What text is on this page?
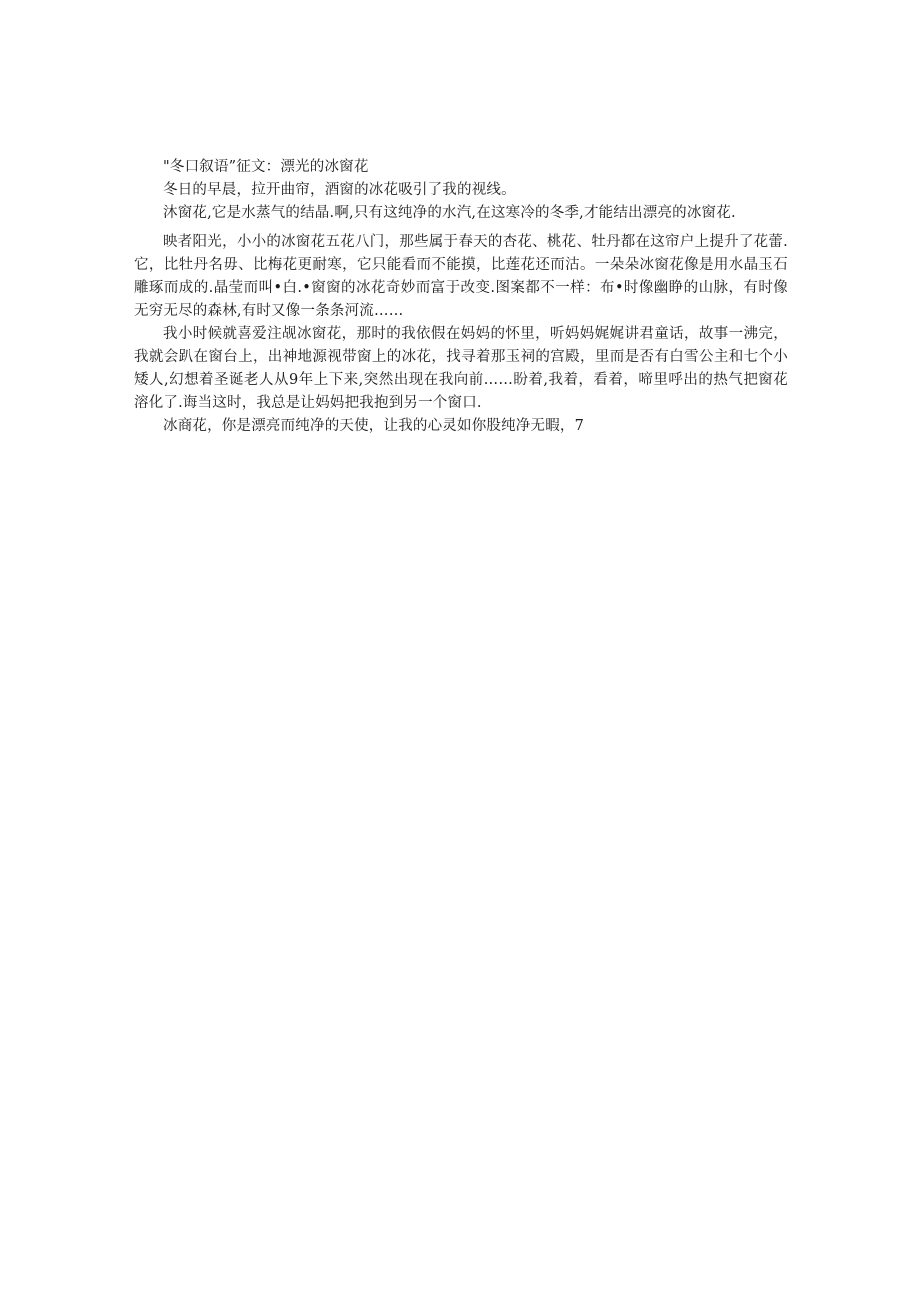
"冬口叙语”征文：漂光的冰窗花

冬日的早晨，拉开曲帘，酒窗的冰花吸引了我的视线。

沐窗花,它是水蒸气的结晶.啊,只有这纯净的水汽,在这寒冷的冬季,才能结出漂亮的冰窗花.

映者阳光，小小的冰窗花五花八门，那些属于春天的杏花、桃花、牡丹都在这帘户上提升了花蕾.它，比牡丹名毋、比梅花更耐寒，它只能看而不能摸，比莲花还而沽。一朵朵冰窗花像是用水晶玉石雕琢而成的.晶莹而叫•白.•窗窗的冰花奇妙而富于改变.图案都不一样：布•时像幽睁的山脉，有时像无穷无尽的森林,有时又像一条条河流……

我小时候就喜爱注觇冰窗花，那时的我依假在妈妈的怀里，听妈妈娓娓讲君童话，故事一沸完，我就会趴在窗台上，出神地源视带窗上的冰花，找寻着那玉祠的宫殿，里而是否有白雪公主和七个小矮人,幻想着圣诞老人从9年上下来,突然出现在我向前……盼着,我着，看着，啼里呼出的热气把窗花溶化了.诲当这时，我总是让妈妈把我抱到另一个窗口.

冰商花，你是漂亮而纯净的天使，让我的心灵如你股纯净无暇，7
